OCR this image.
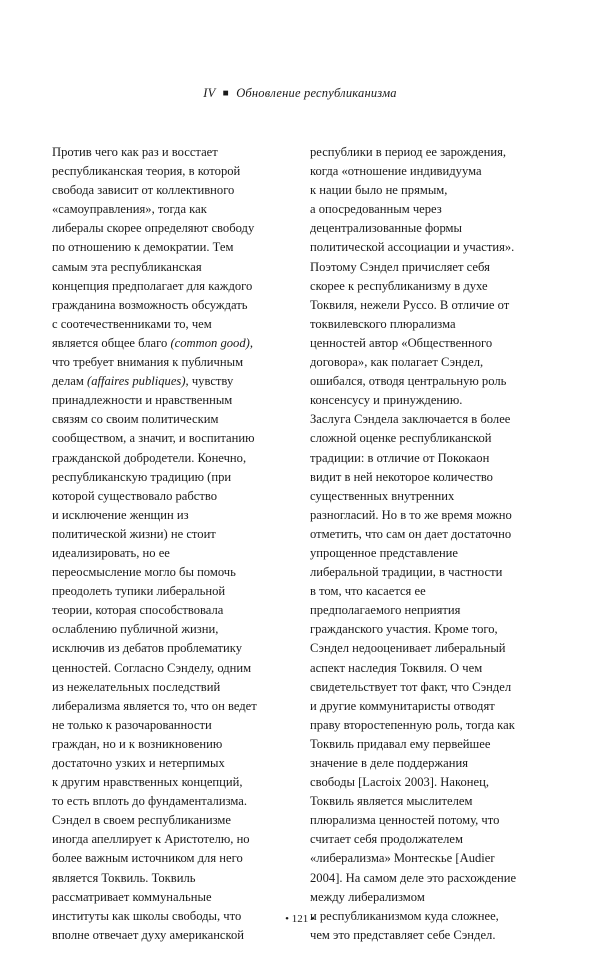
IV ■ Обновление республиканизма
Против чего как раз и восстает
республиканская теория, в которой
свобода зависит от коллективного
«самоуправления», тогда как
либералы скорее определяют свободу
по отношению к демократии. Тем
самым эта республиканская
концепция предполагает для каждого
гражданина возможность обсуждать
с соотечественниками то, чем
является общее благо (common good),
что требует внимания к публичным
делам (affaires publiques), чувству
принадлежности и нравственным
связям со своим политическим
сообществом, а значит, и воспитанию
гражданской добродетели. Конечно,
республиканскую традицию (при
которой существовало рабство
и исключение женщин из
политической жизни) не стоит
идеализировать, но ее
переосмысление могло бы помочь
преодолеть тупики либеральной
теории, которая способствовала
ослаблению публичной жизни,
исключив из дебатов проблематику
ценностей. Согласно Сэнделу, одним
из нежелательных последствий
либерализма является то, что он ведет
не только к разочарованности
граждан, но и к возникновению
достаточно узких и нетерпимых
к другим нравственных концепций,
то есть вплоть до фундаментализма.
Сэндел в своем республиканизме
иногда апеллирует к Аристотелю, но
более важным источником для него
является Токвиль. Токвиль
рассматривает коммунальные
институты как школы свободы, что
вполне отвечает духу американской
республики в период ее зарождения,
когда «отношение индивидуума
к нации было не прямым,
а опосредованным через
децентрализованные формы
политической ассоциации и участия».
Поэтому Сэндел причисляет себя
скорее к республиканизму в духе
Токвиля, нежели Руссо. В отличие от
токвилевского плюрализма
ценностей автор «Общественного
договора», как полагает Сэндел,
ошибался, отводя центральную роль
консенсусу и принуждению.
Заслуга Сэндела заключается в более
сложной оценке республиканской
традиции: в отличие от Пококаон
видит в ней некоторое количество
существенных внутренних
разногласий. Но в то же время можно
отметить, что сам он дает достаточно
упрощенное представление
либеральной традиции, в частности
в том, что касается ее
предполагаемого неприятия
гражданского участия. Кроме того,
Сэндел недооценивает либеральный
аспект наследия Токвиля. О чем
свидетельствует тот факт, что Сэндел
и другие коммунитаристы отводят
праву второстепенную роль, тогда как
Токвиль придавал ему первейшее
значение в деле поддержания
свободы [Lacroix 2003]. Наконец,
Токвиль является мыслителем
плюрализма ценностей потому, что
считает себя продолжателем
«либерализма» Монтескье [Audier
2004]. На самом деле это расхождение
между либерализмом
и республиканизмом куда сложнее,
чем это представляет себе Сэндел.
• 121 •
